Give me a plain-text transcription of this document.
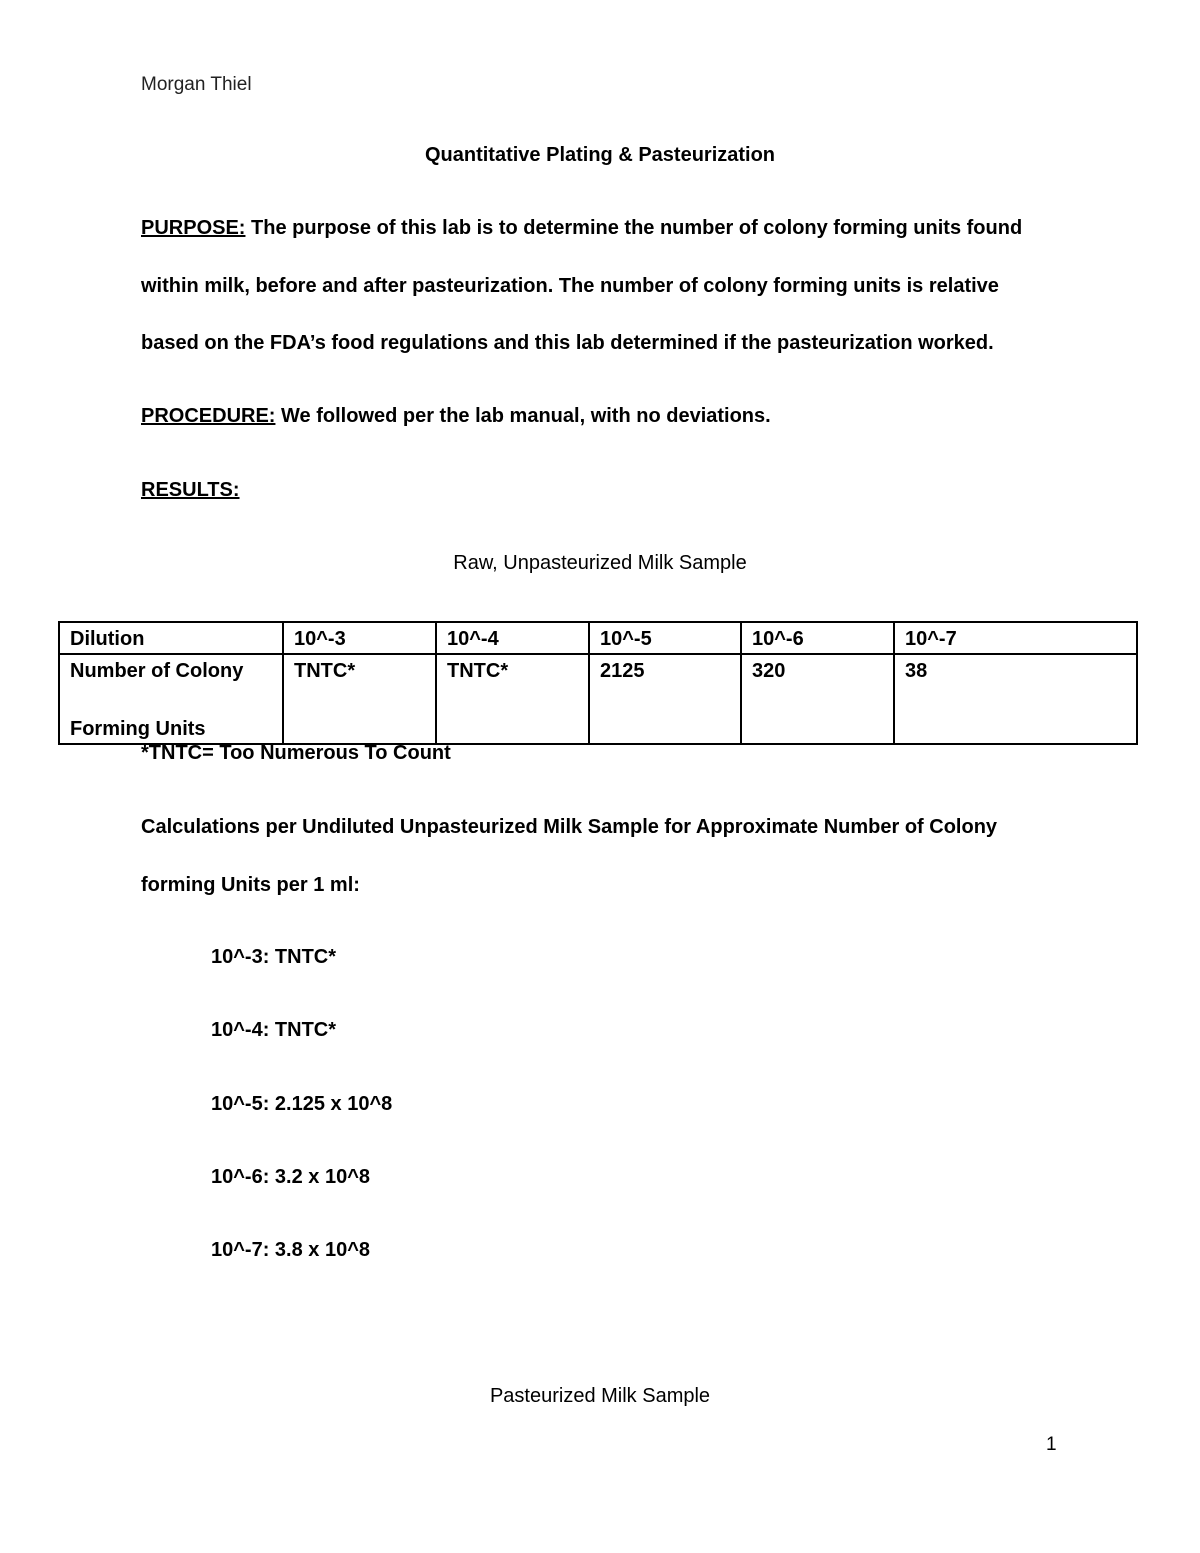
Morgan Thiel
Quantitative Plating & Pasteurization
PURPOSE: The purpose of this lab is to determine the number of colony forming units found
within milk, before and after pasteurization. The number of colony forming units is relative
based on the FDA’s food regulations and this lab determined if the pasteurization worked.
PROCEDURE: We followed per the lab manual, with no deviations.
RESULTS:
Raw, Unpasteurized Milk Sample
Dilution	10^-3	10^-4	10^-5	10^-6	10^-7

Number of Colony
Forming Units	TNTC*	TNTC*	2125	320	38
*TNTC= Too Numerous To Count
Calculations per Undiluted Unpasteurized Milk Sample for Approximate Number of Colony
forming Units per 1 ml:
10^-3: TNTC*
10^-4: TNTC*
10^-5: 2.125 x 10^8
10^-6: 3.2 x 10^8
10^-7: 3.8 x 10^8
Pasteurized Milk Sample
1
